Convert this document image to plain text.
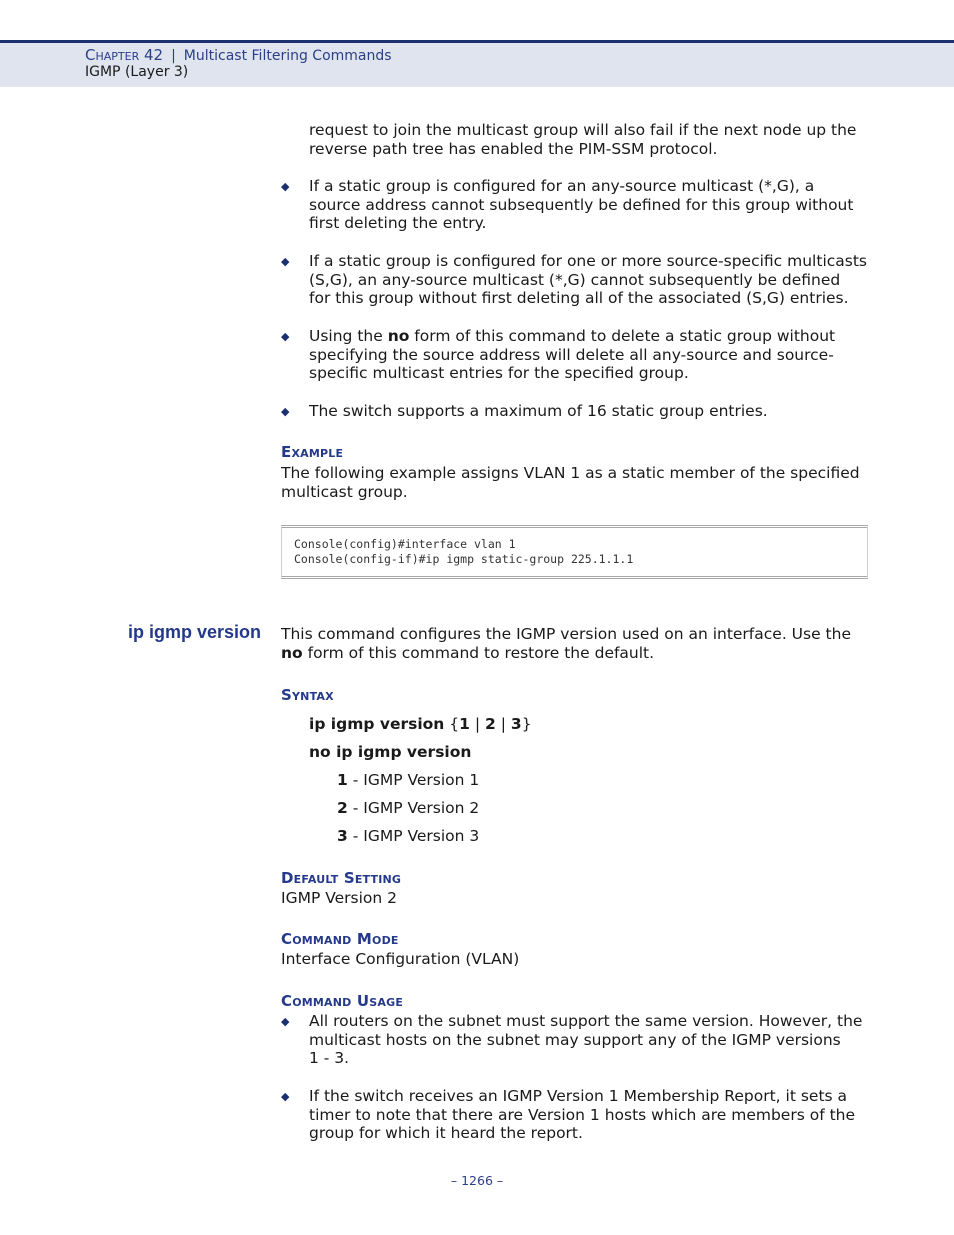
Chapter 42 | Multicast Filtering Commands
IGMP (Layer 3)
request to join the multicast group will also fail if the next node up the
reverse path tree has enabled the PIM-SSM protocol.
◆ If a static group is configured for an any-source multicast (*,G), a
source address cannot subsequently be defined for this group without
first deleting the entry.
◆ If a static group is configured for one or more source-specific multicasts
(S,G), an any-source multicast (*,G) cannot subsequently be defined
for this group without first deleting all of the associated (S,G) entries.
◆ Using the no form of this command to delete a static group without
specifying the source address will delete all any-source and source-
specific multicast entries for the specified group.
◆ The switch supports a maximum of 16 static group entries.
Example
The following example assigns VLAN 1 as a static member of the specified
multicast group.
Console(config)#interface vlan 1
Console(config-if)#ip igmp static-group 225.1.1.1
ip igmp version This command configures the IGMP version used on an interface. Use the
no form of this command to restore the default.
Syntax
ip igmp version {1 | 2 | 3}
no ip igmp version
1 - IGMP Version 1
2 - IGMP Version 2
3 - IGMP Version 3
Default Setting
IGMP Version 2
Command Mode
Interface Configuration (VLAN)
Command Usage
◆ All routers on the subnet must support the same version. However, the
multicast hosts on the subnet may support any of the IGMP versions
1 - 3.
◆ If the switch receives an IGMP Version 1 Membership Report, it sets a
timer to note that there are Version 1 hosts which are members of the
group for which it heard the report.
– 1266 –
